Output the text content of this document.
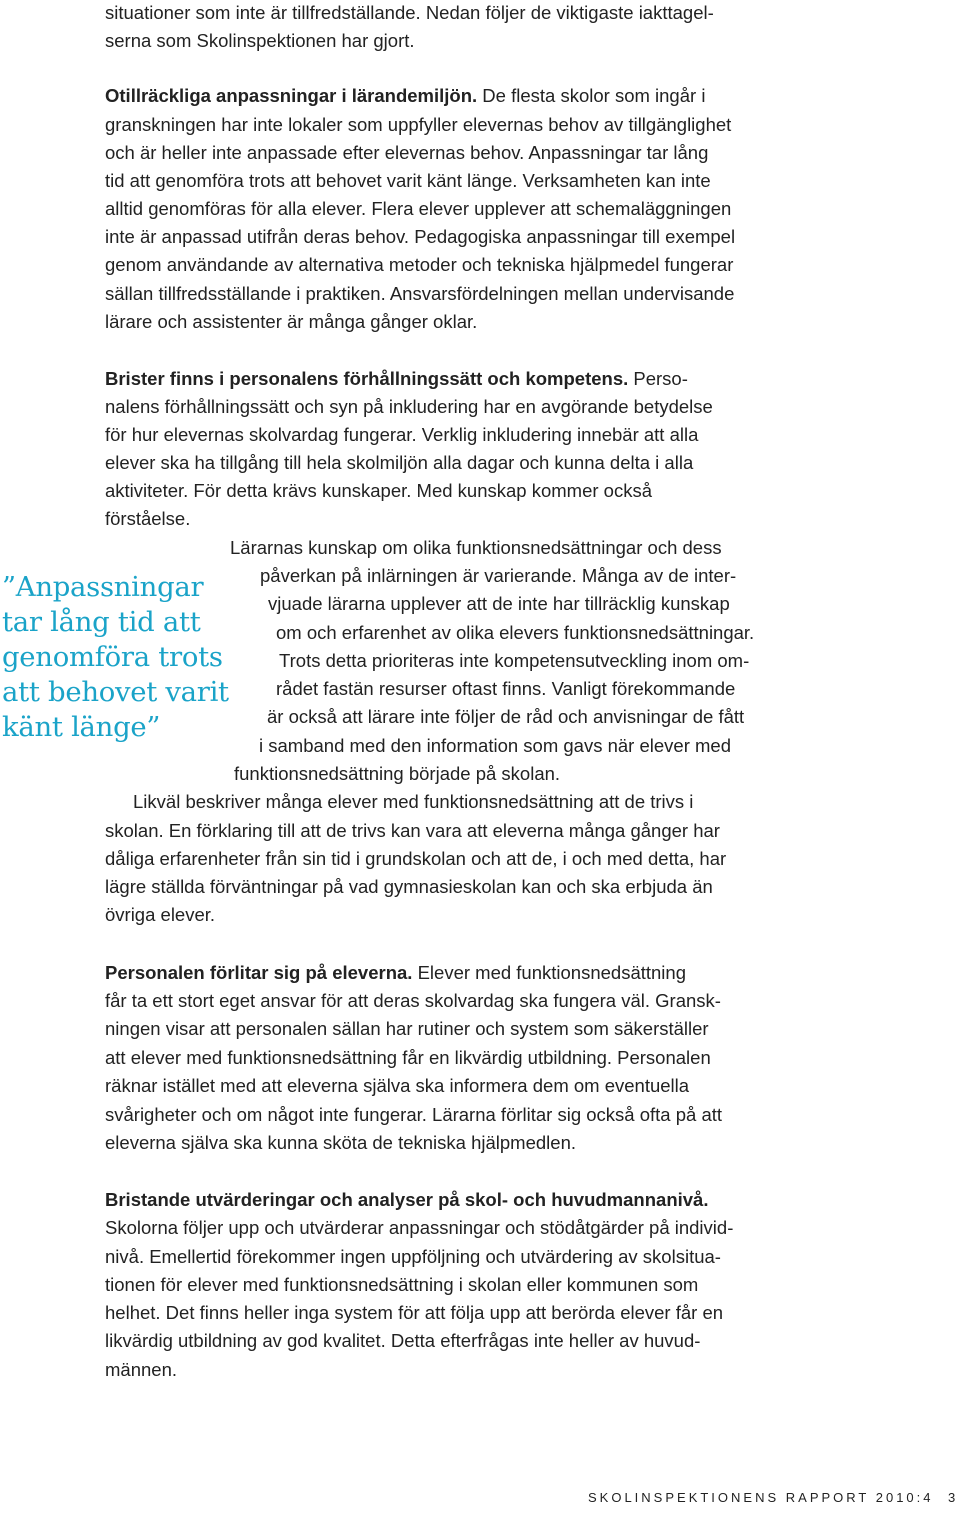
situationer som inte är tillfredställande. Nedan följer de viktigaste iakttagel-
serna som Skolinspektionen har gjort.
Otillräckliga anpassningar i lärandemiljön. De flesta skolor som ingår i
granskningen har inte lokaler som uppfyller elevernas behov av tillgänglighet
och är heller inte anpassade efter elevernas behov. Anpassningar tar lång
tid att genomföra trots att behovet varit känt länge. Verksamheten kan inte
alltid genomföras för alla elever. Flera elever upplever att schemaläggningen
inte är anpassad utifrån deras behov. Pedagogiska anpassningar till exempel
genom användande av alternativa metoder och tekniska hjälpmedel fungerar
sällan tillfredsställande i praktiken. Ansvarsfördelningen mellan undervisande
lärare och assistenter är många gånger oklar.
Brister finns i personalens förhållningssätt och kompetens. Perso-
nalens förhållningssätt och syn på inkludering har en avgörande betydelse
för hur elevernas skolvardag fungerar. Verklig inkludering innebär att alla
elever ska ha tillgång till hela skolmiljön alla dagar och kunna delta i alla
aktiviteter. För detta krävs kunskaper. Med kunskap kommer också
förståelse.
Lärarnas kunskap om olika funktionsnedsättningar och dess
påverkan på inlärningen är varierande. Många av de inter-
vjuade lärarna upplever att de inte har tillräcklig kunskap
om och erfarenhet av olika elevers funktionsnedsättningar.
Trots detta prioriteras inte kompetensutveckling inom om-
rådet fastän resurser oftast finns. Vanligt förekommande
är också att lärare inte följer de råd och anvisningar de fått
i samband med den information som gavs när elever med
funktionsnedsättning började på skolan.
Likväl beskriver många elever med funktionsnedsättning att de trivs i
skolan. En förklaring till att de trivs kan vara att eleverna många gånger har
dåliga erfarenheter från sin tid i grundskolan och att de, i och med detta, har
lägre ställda förväntningar på vad gymnasieskolan kan och ska erbjuda än
övriga elever.
Personalen förlitar sig på eleverna. Elever med funktionsnedsättning
får ta ett stort eget ansvar för att deras skolvardag ska fungera väl. Gransk-
ningen visar att personalen sällan har rutiner och system som säkerställer
att elever med funktionsnedsättning får en likvärdig utbildning. Personalen
räknar istället med att eleverna själva ska informera dem om eventuella
svårigheter och om något inte fungerar. Lärarna förlitar sig också ofta på att
eleverna själva ska kunna sköta de tekniska hjälpmedlen.
Bristande utvärderingar och analyser på skol- och huvudmannanivå.
Skolorna följer upp och utvärderar anpassningar och stödåtgärder på individ-
nivå. Emellertid förekommer ingen uppföljning och utvärdering av skolsitua-
tionen för elever med funktionsnedsättning i skolan eller kommunen som
helhet. Det finns heller inga system för att följa upp att berörda elever får en
likvärdig utbildning av god kvalitet. Detta efterfrågas inte heller av huvud-
männen.
”Anpassningar
tar lång tid att
genomföra trots
att behovet varit
känt länge”
SKOLINSPEKTIONENS RAPPORT 2010:4 3
